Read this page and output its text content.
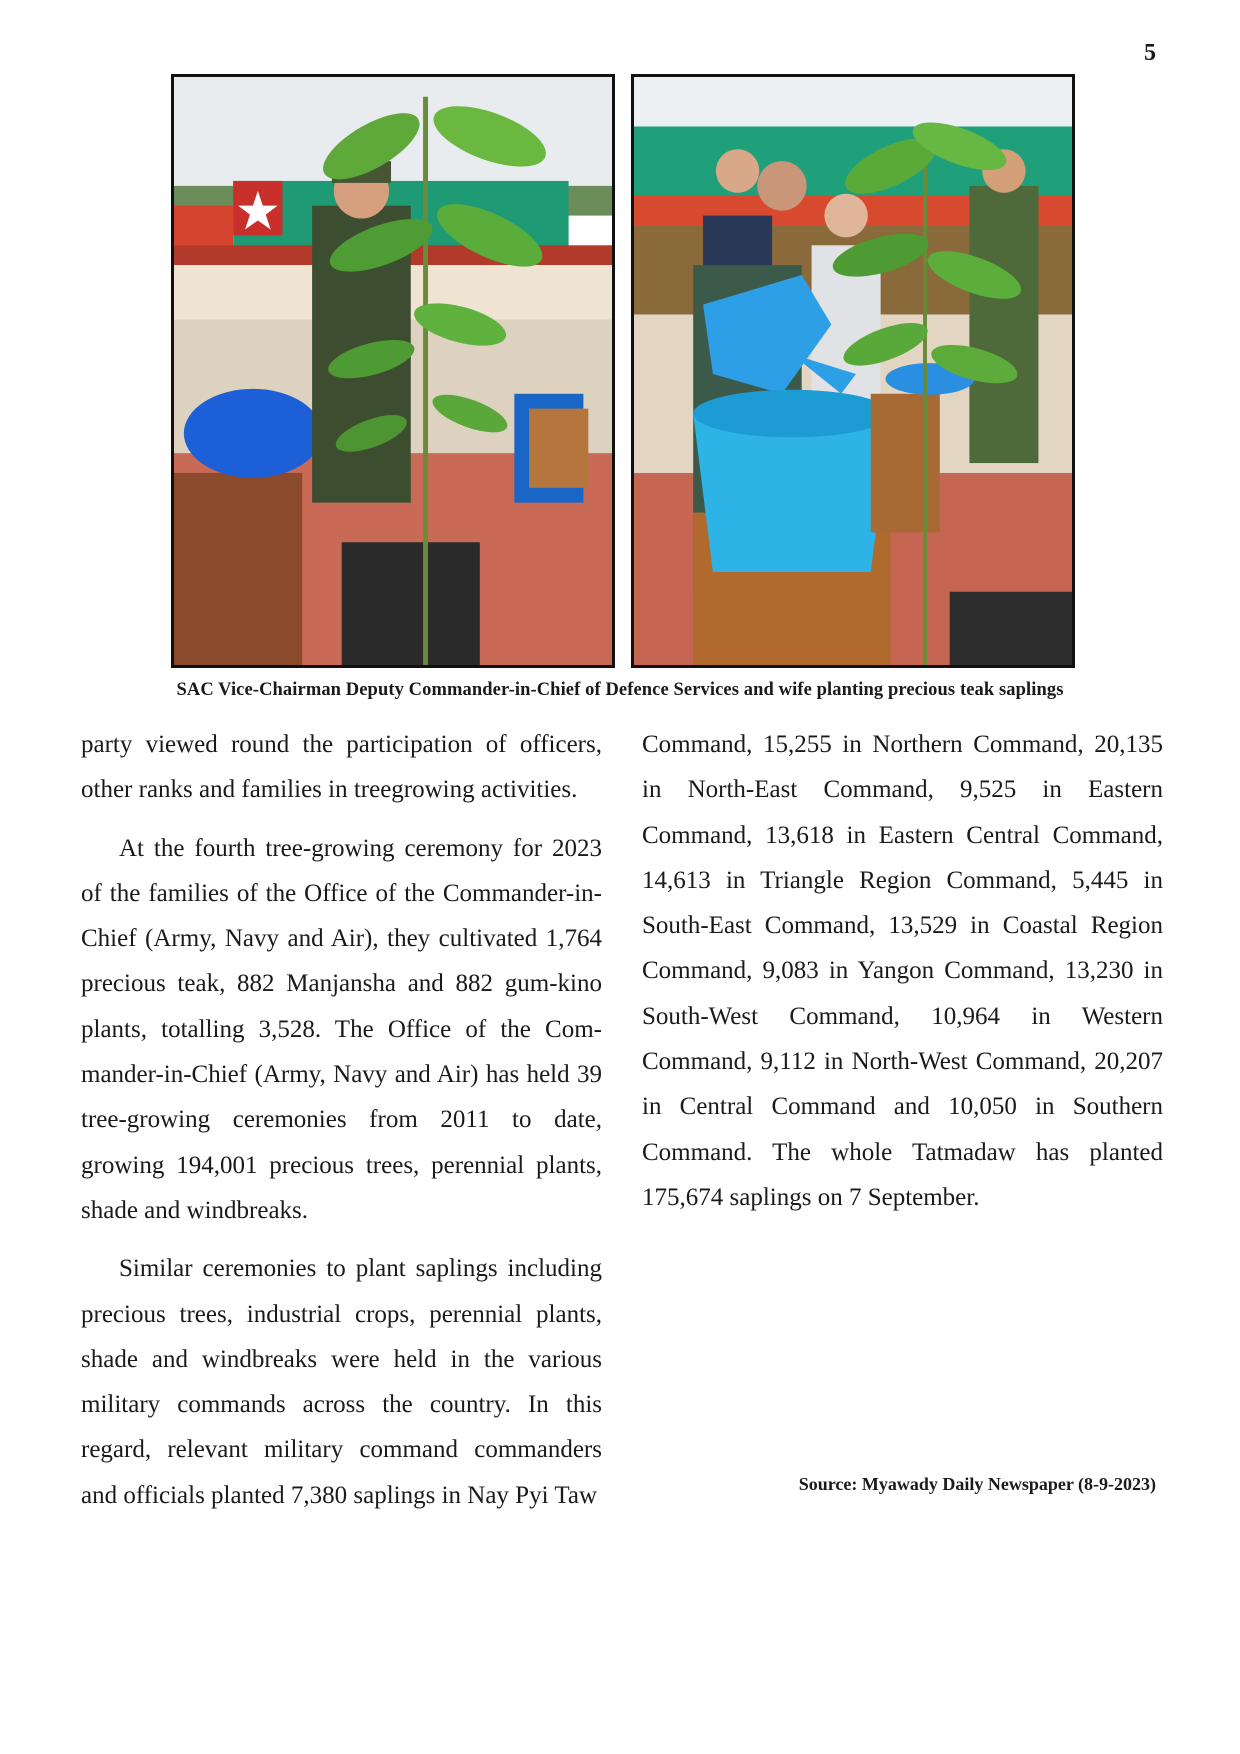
5
SAC Vice-Chairman Deputy Commander-in-Chief of Defence Services and wife planting precious teak saplings

party viewed round the participation of officers, other ranks and families in treegrowing activities.

At the fourth tree-growing ceremony for 2023 of the families of the Office of the Commander-in-Chief (Army, Navy and Air), they cultivated 1,764 precious teak, 882 Manjansha and 882 gum-kino plants, totalling 3,528. The Office of the Commander-in-Chief (Army, Navy and Air) has held 39 tree-growing ceremonies from 2011 to date, growing 194,001 precious trees, perennial plants, shade and windbreaks.

Similar ceremonies to plant saplings including precious trees, industrial crops, perennial plants, shade and windbreaks were held in the various military commands across the country. In this regard, relevant military command commanders and officials planted 7,380 saplings in Nay Pyi Taw

Command, 15,255 in Northern Command, 20,135 in North-East Command, 9,525 in Eastern Command, 13,618 in Eastern Central Command, 14,613 in Triangle Region Command, 5,445 in South-East Command, 13,529 in Coastal Region Command, 9,083 in Yangon Command, 13,230 in South-West Command, 10,964 in Western Command, 9,112 in North-West Command, 20,207 in Central Command and 10,050 in Southern Command. The whole Tatmadaw has planted 175,674 saplings on 7 September.

Source: Myawady Daily Newspaper (8-9-2023)
